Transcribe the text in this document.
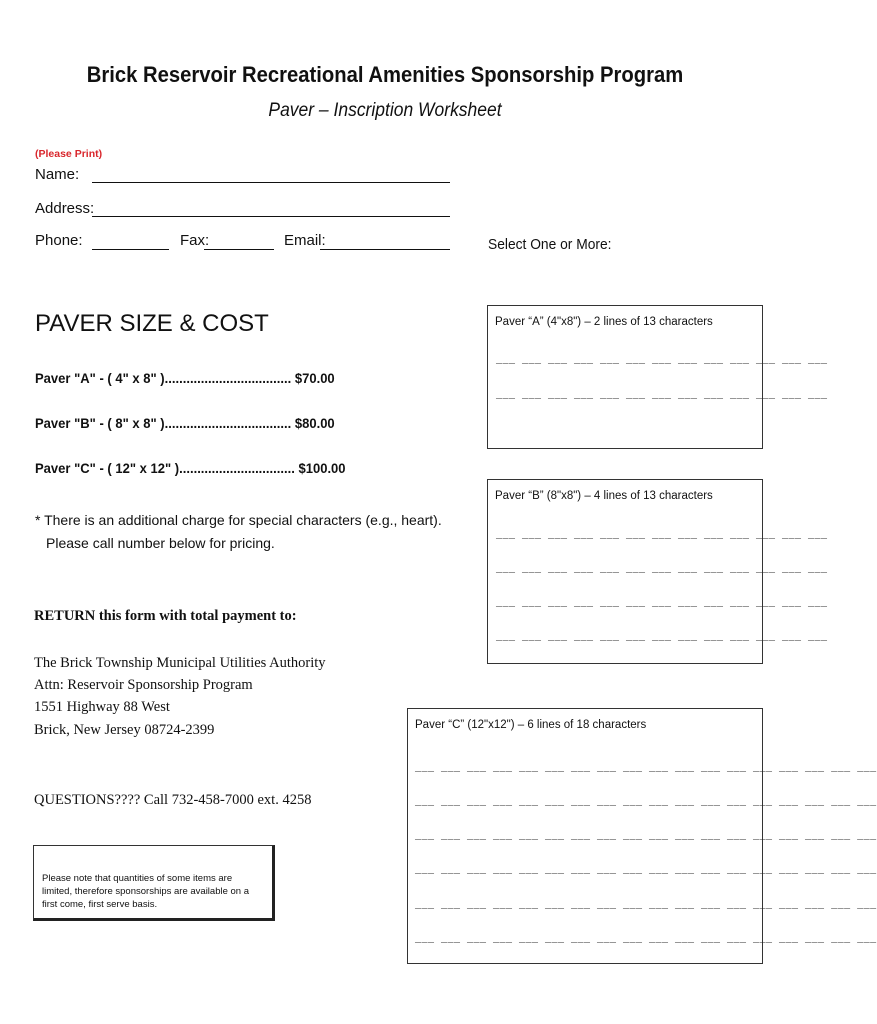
Brick Reservoir Recreational Amenities Sponsorship Program
Paver – Inscription Worksheet
(Please Print)
Name:
Address:
Phone:	Fax:	Email:	Select One or More:
PAVER SIZE & COST
Paver "A" - ( 4" x 8" )................................... $70.00
Paver "B" - ( 8" x 8" )................................... $80.00
Paver "C" - ( 12" x 12" )................................ $100.00
* There is an additional charge for special characters (e.g., heart).
Please call number below for pricing.
RETURN this form with total payment to:
The Brick Township Municipal Utilities Authority
Attn: Reservoir Sponsorship Program
1551 Highway 88 West
Brick, New Jersey 08724-2399
QUESTIONS???? Call 732-458-7000 ext. 4258
Please note that quantities of some items are limited, therefore sponsorships are available on a first come, first serve basis.
Paver “A” (4"x8") – 2 lines of 13 characters
___ ___ ___ ___ ___ ___ ___ ___ ___ ___ ___ ___ ___
___ ___ ___ ___ ___ ___ ___ ___ ___ ___ ___ ___ ___
Paver “B” (8"x8") – 4 lines of 13 characters
___ ___ ___ ___ ___ ___ ___ ___ ___ ___ ___ ___ ___
___ ___ ___ ___ ___ ___ ___ ___ ___ ___ ___ ___ ___
___ ___ ___ ___ ___ ___ ___ ___ ___ ___ ___ ___ ___
___ ___ ___ ___ ___ ___ ___ ___ ___ ___ ___ ___ ___
Paver “C” (12"x12") – 6 lines of 18 characters
___ ___ ___ ___ ___ ___ ___ ___ ___ ___ ___ ___ ___ ___ ___ ___ ___ ___
___ ___ ___ ___ ___ ___ ___ ___ ___ ___ ___ ___ ___ ___ ___ ___ ___ ___
___ ___ ___ ___ ___ ___ ___ ___ ___ ___ ___ ___ ___ ___ ___ ___ ___ ___
___ ___ ___ ___ ___ ___ ___ ___ ___ ___ ___ ___ ___ ___ ___ ___ ___ ___
___ ___ ___ ___ ___ ___ ___ ___ ___ ___ ___ ___ ___ ___ ___ ___ ___ ___
___ ___ ___ ___ ___ ___ ___ ___ ___ ___ ___ ___ ___ ___ ___ ___ ___ ___
